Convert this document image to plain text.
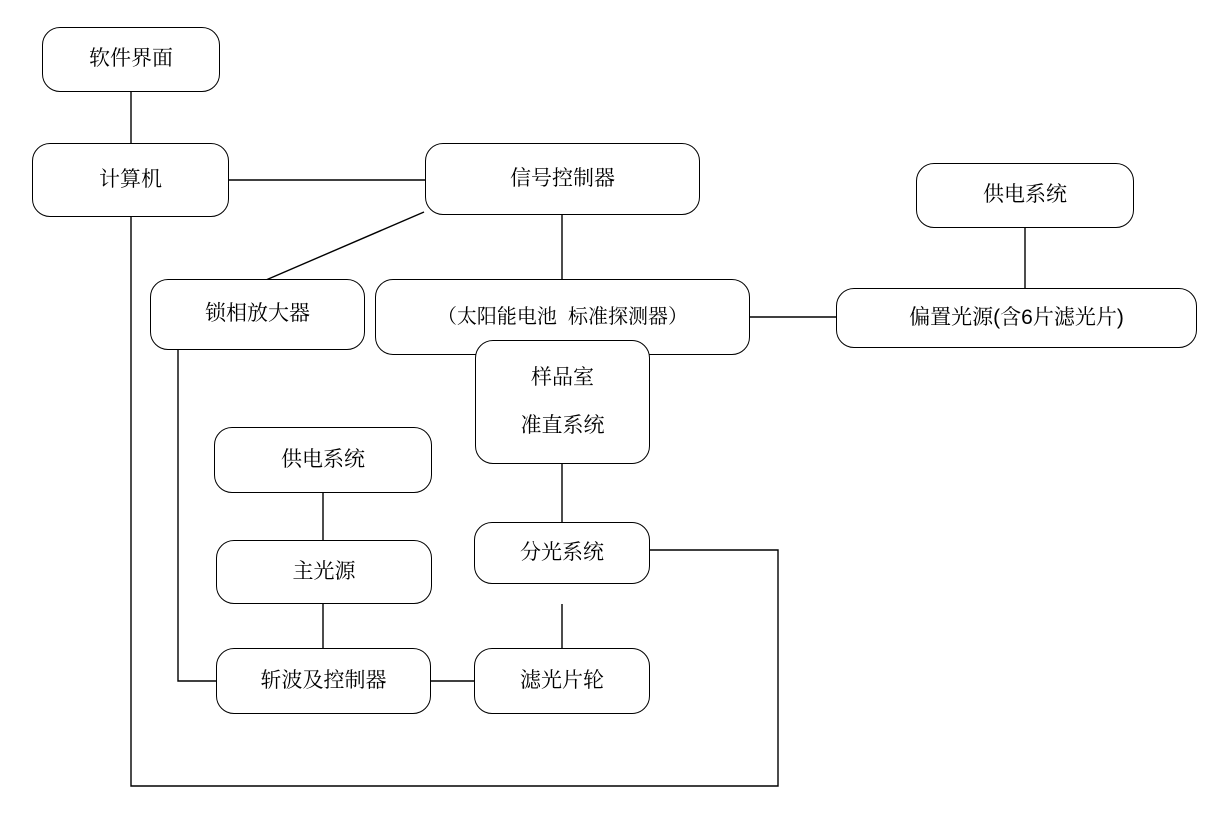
软件界面
计算机	信号控制器
供电系统
锁相放大器	（太阳能电池  标准探测器）
样品室
准直系统
偏置光源(含6片滤光片)
供电系统
主光源
斩波及控制器
分光系统
滤光片轮
